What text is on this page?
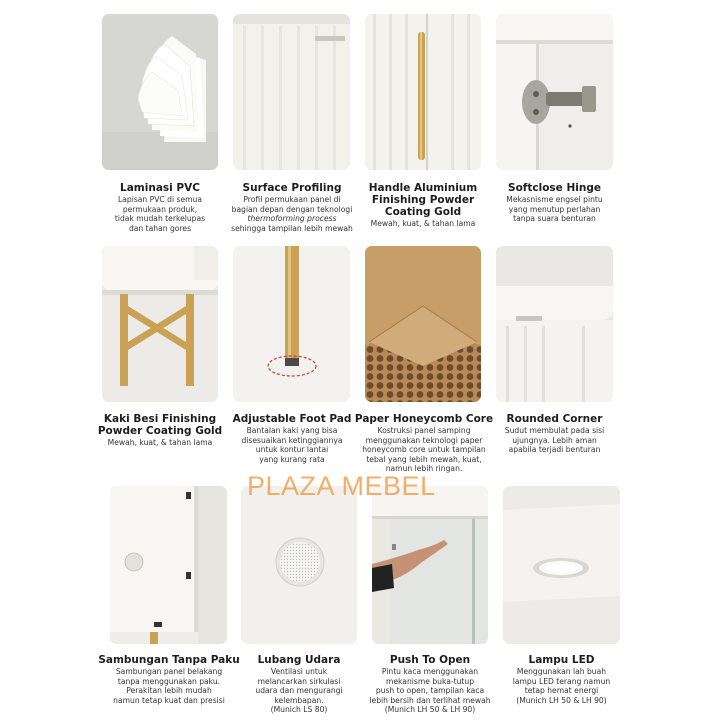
Laminasi PVC
Lapisan PVC di semua
permukaan produk,
tidak mudah terkelupas
dan tahan gores
Surface Profiling
Profil permukaan panel di
bagian depan dengan teknologi
thermoforming process
sehingga tampilan lebih mewah
Handle Aluminium
Finishing Powder
Coating Gold
Mewah, kuat, & tahan lama
Softclose Hinge
Mekasnisme engsel pintu
yang menutup perlahan
tanpa suara benturan
Kaki Besi Finishing
Powder Coating Gold
Mewah, kuat, & tahan lama
Adjustable Foot Pad
Bantalan kaki yang bisa
disesuaikan ketinggiannya
untuk kontur lantai
yang kurang rata
Paper Honeycomb Core
Kostruksi panel samping
menggunakan teknologi paper
honeycomb core untuk tampilan
tebal yang lebih mewah, kuat,
namun lebih ringan.
Rounded Corner
Sudut membulat pada sisi
ujungnya. Lebih aman
apabila terjadi benturan
Sambungan Tanpa Paku
Sambungan panel belakang
tanpa menggunakan paku.
Perakitan lebih mudah
namun tetap kuat dan presisi
Lubang Udara
Ventilasi untuk
melancarkan sirkulasi
udara dan mengurangi
kelembapan.
(Munich LS 80)
Push To Open
Pintu kaca menggunakan
mekanisme buka-tutup
push to open, tampilan kaca
lebih bersih dan terlihat mewah
(Munich LH 50 & LH 90)
Lampu LED
Menggunakan lah buah
lampu LED terang namun
tetap hemat energi
(Munich LH 50 & LH 90)
PLAZA MEBEL
